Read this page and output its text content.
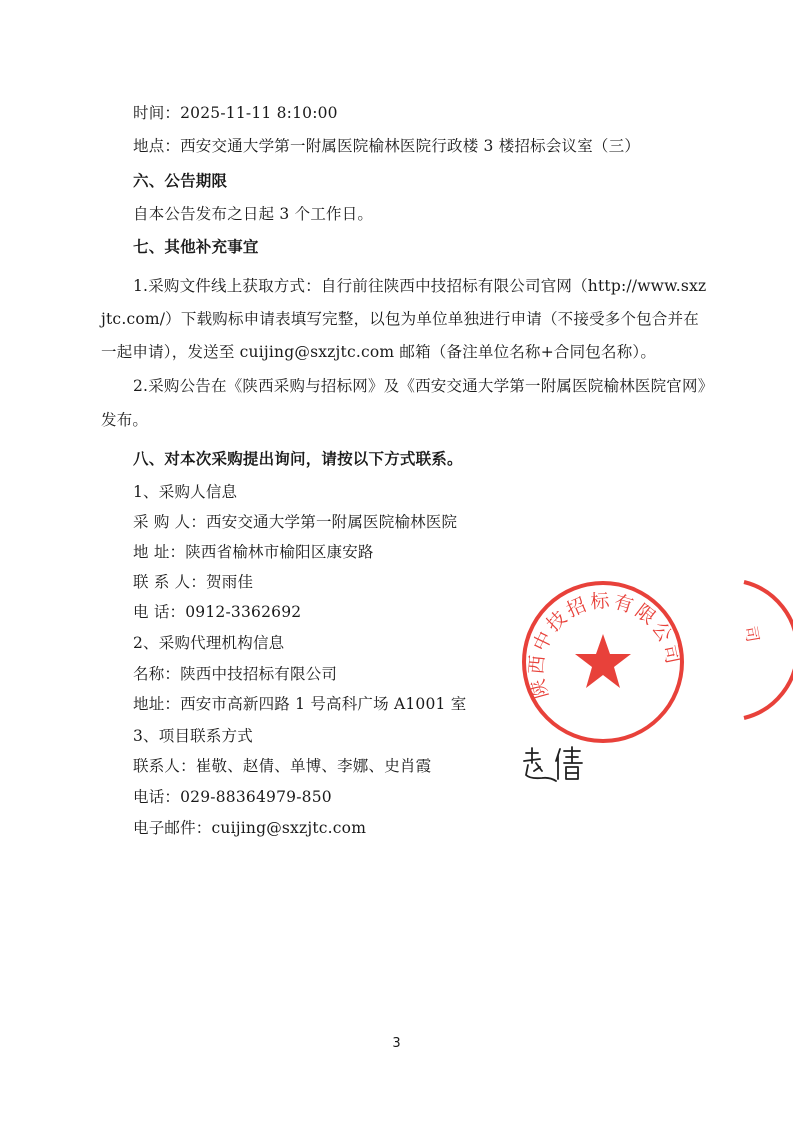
时间：2025-11-11 8:10:00
地点：西安交通大学第一附属医院榆林医院行政楼 3 楼招标会议室（三）
六、公告期限
自本公告发布之日起 3 个工作日。
七、其他补充事宜
1.采购文件线上获取方式：自行前往陕西中技招标有限公司官网（http://www.sxz
jtc.com/）下载购标申请表填写完整，以包为单位单独进行申请（不接受多个包合并在
一起申请），发送至 cuijing@sxzjtc.com 邮箱（备注单位名称+合同包名称）。
2.采购公告在《陕西采购与招标网》及《西安交通大学第一附属医院榆林医院官网》
发布。
八、对本次采购提出询问，请按以下方式联系。
1、采购人信息
采 购 人：西安交通大学第一附属医院榆林医院
地 址：陕西省榆林市榆阳区康安路
联 系 人：贺雨佳
电 话：0912-3362692
2、采购代理机构信息
名称：陕西中技招标有限公司
地址：西安市高新四路 1 号高科广场 A1001 室
3、项目联系方式
联系人：崔敬、赵倩、单博、李娜、史肖霞
电话：029-88364979-850
电子邮件：cuijing@sxzjtc.com
陕西中技招标有限公司
司
3
